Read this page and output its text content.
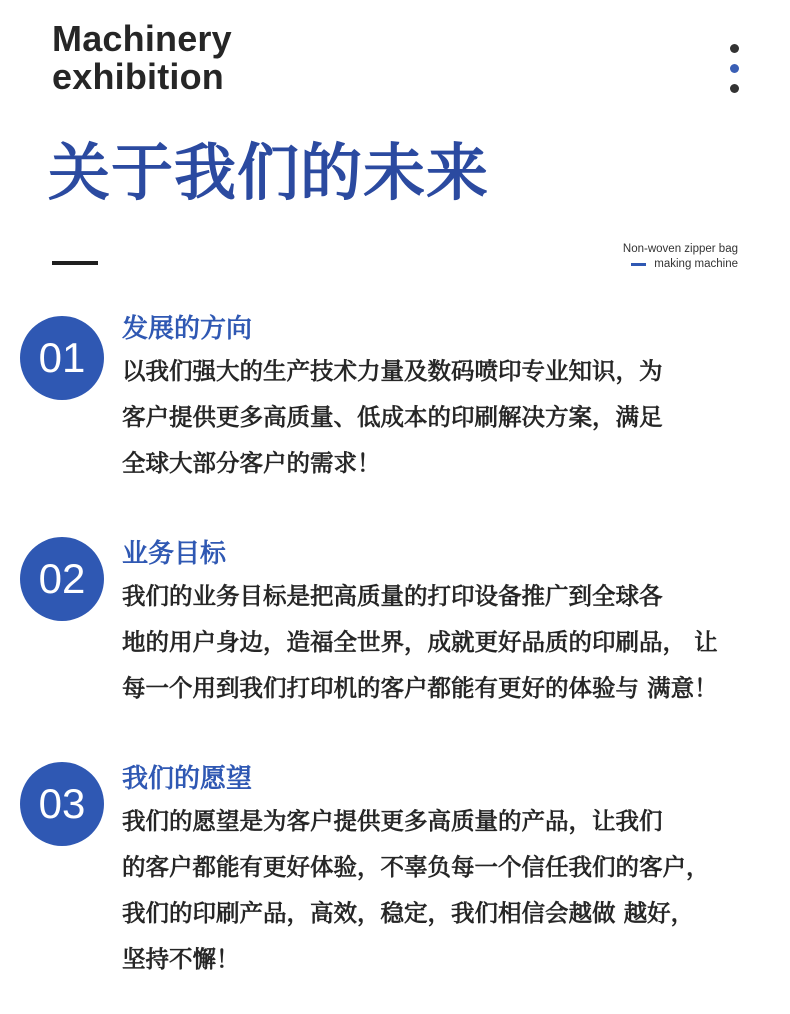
Machinery
exhibition
关于我们的未来
Non-woven zipper bag
making machine
01
发展的方向
以我们强大的生产技术力量及数码喷印专业知识，为
客户提供更多高质量、低成本的印刷解决方案，满足
全球大部分客户的需求！
02
业务目标
我们的业务目标是把高质量的打印设备推广到全球各
地的用户身边，造福全世界，成就更好品质的印刷品， 让
每一个用到我们打印机的客户都能有更好的体验与 满意！
03
我们的愿望
我们的愿望是为客户提供更多高质量的产品，让我们
的客户都能有更好体验，不辜负每一个信任我们的客户，
我们的印刷产品，高效，稳定，我们相信会越做 越好，
坚持不懈！
